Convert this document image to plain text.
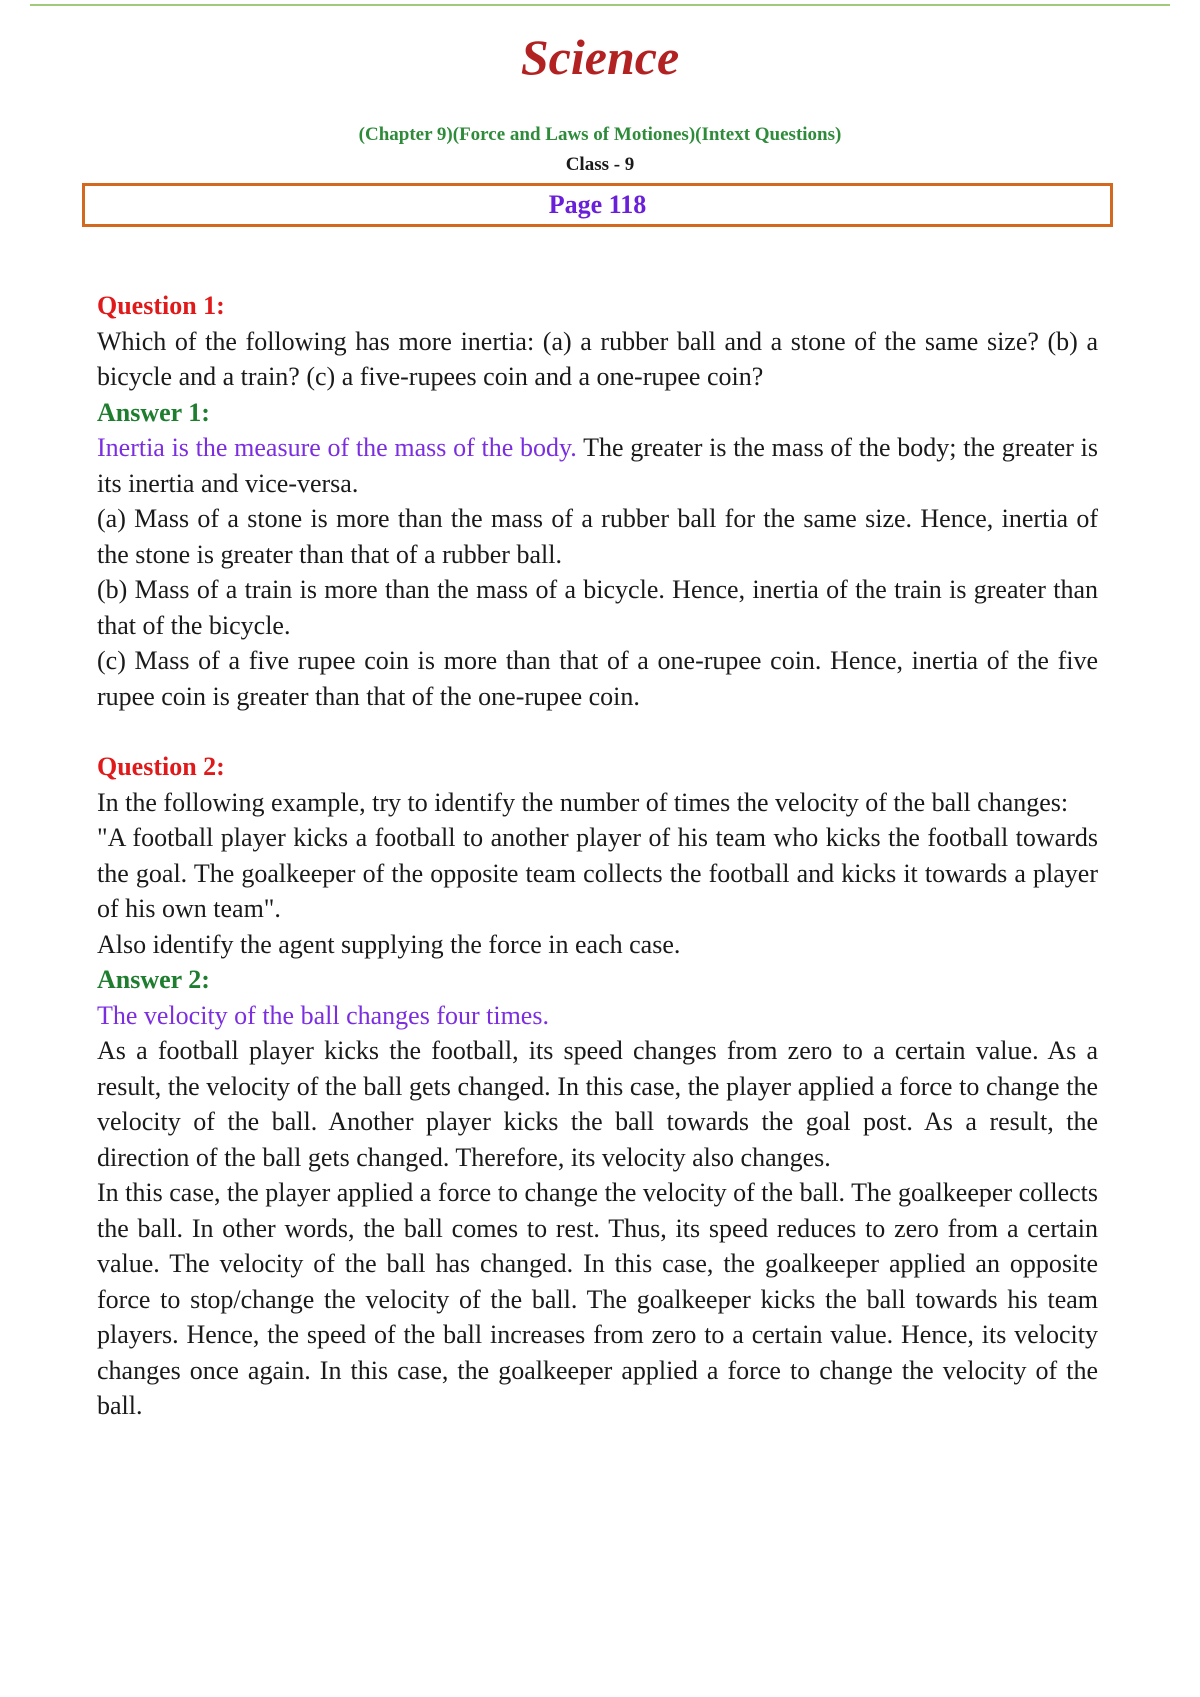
Science
(Chapter 9)(Force and Laws of Motiones)(Intext Questions)
Class - 9
Page 118
Question 1:
Which of the following has more inertia: (a) a rubber ball and a stone of the same size? (b) a bicycle and a train? (c) a five-rupees coin and a one-rupee coin?
Answer 1:
Inertia is the measure of the mass of the body. The greater is the mass of the body; the greater is its inertia and vice-versa.
(a) Mass of a stone is more than the mass of a rubber ball for the same size. Hence, inertia of the stone is greater than that of a rubber ball.
(b) Mass of a train is more than the mass of a bicycle. Hence, inertia of the train is greater than that of the bicycle.
(c) Mass of a five rupee coin is more than that of a one-rupee coin. Hence, inertia of the five rupee coin is greater than that of the one-rupee coin.
Question 2:
In the following example, try to identify the number of times the velocity of the ball changes:
"A football player kicks a football to another player of his team who kicks the football towards the goal. The goalkeeper of the opposite team collects the football and kicks it towards a player of his own team".
Also identify the agent supplying the force in each case.
Answer 2:
The velocity of the ball changes four times.
As a football player kicks the football, its speed changes from zero to a certain value. As a result, the velocity of the ball gets changed. In this case, the player applied a force to change the velocity of the ball. Another player kicks the ball towards the goal post. As a result, the direction of the ball gets changed. Therefore, its velocity also changes.
In this case, the player applied a force to change the velocity of the ball. The goalkeeper collects the ball. In other words, the ball comes to rest. Thus, its speed reduces to zero from a certain value. The velocity of the ball has changed. In this case, the goalkeeper applied an opposite force to stop/change the velocity of the ball. The goalkeeper kicks the ball towards his team players. Hence, the speed of the ball increases from zero to a certain value. Hence, its velocity changes once again. In this case, the goalkeeper applied a force to change the velocity of the ball.
